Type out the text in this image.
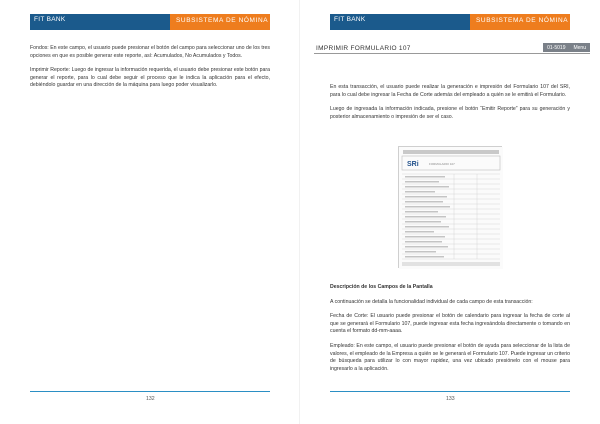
FIT BANK	SUBSISTEMA DE NÓMINA

Fondos: En este campo, el usuario puede presionar el botón del campo para seleccionar uno de los tres opciones en que es posible generar este reporte, así: Acumulados, No Acumulados y Todos.

Imprimir Reporte: Luego de ingresar la información requerida, el usuario debe presionar este botón para generar el reporte, para lo cual debe seguir el proceso que le indica la aplicación para el efecto, debiéndolo guardar en una dirección de la máquina para luego poder visualizarlo.

132
FIT BANK	SUBSISTEMA DE NÓMINA
IMPRIMIR FORMULARIO 107	01-5019 Menu

En esta transacción, el usuario puede realizar la generación e impresión del Formulario 107 del SRI, para lo cual debe ingresar la Fecha de Corte además del empleado a quién se le emitirá el Formulario.

Luego de ingresada la información indicada, presione el botón “Emitir Reporte” para su generación y posterior almacenamiento o impresión de ser el caso.

SRi	FORMULARIO 107

Descripción de los Campos de la Pantalla

A continuación se detalla la funcionalidad individual de cada campo de esta transacción:

Fecha de Corte: El usuario puede presionar el botón de calendario para ingresar la fecha de corte al que se generará el Formulario 107, puede ingresar esta fecha ingresándola directamente o tomando en cuenta el formato dd-mm-aaaa.

Empleado: En este campo, el usuario puede presionar el botón de ayuda para seleccionar de la lista de valores, el empleado de la Empresa a quién se le generará el Formulario 107. Puede ingresar un criterio de búsqueda para utilizar lo con mayor rapidez, una vez ubicado presiónelo con el mouse para ingresarlo a la aplicación.

133
